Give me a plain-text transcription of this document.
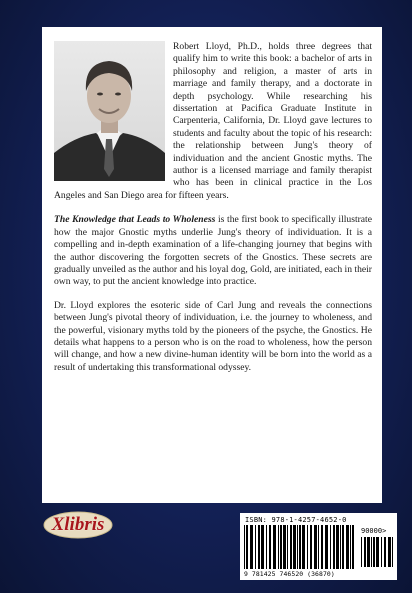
Robert Lloyd, Ph.D., holds three degrees that qualify him to write this book: a bachelor of arts in philosophy and religion, a master of arts in marriage and family therapy, and a doctorate in depth psychology. While researching his dissertation at Pacifica Graduate Institute in Carpenteria, California, Dr. Lloyd gave lectures to students and faculty about the topic of his research: the relationship between Jung's theory of individuation and the ancient Gnostic myths. The author is a licensed marriage and family therapist who has been in clinical practice in the Los Angeles and San Diego area for fifteen years.

The Knowledge that Leads to Wholeness is the first book to specifically illustrate how the major Gnostic myths underlie Jung's theory of individuation. It is a compelling and in-depth examination of a life-changing journey that begins with the author discovering the forgotten secrets of the Gnostics. These secrets are gradually unveiled as the author and his loyal dog, Gold, are initiated, each in their own way, to put the ancient knowledge into practice.

Dr. Lloyd explores the esoteric side of Carl Jung and reveals the connections between Jung's pivotal theory of individuation, i.e. the journey to wholeness, and the powerful, visionary myths told by the pioneers of the psyche, the Gnostics. He details what happens to a person who is on the road to wholeness, how the person will change, and how a new divine-human identity will be born into the world as a result of undertaking this transformational odyssey.

Xlibris	ISBN: 978-1-4257-4652-0
90000>
9 781425 746520 (36870)
